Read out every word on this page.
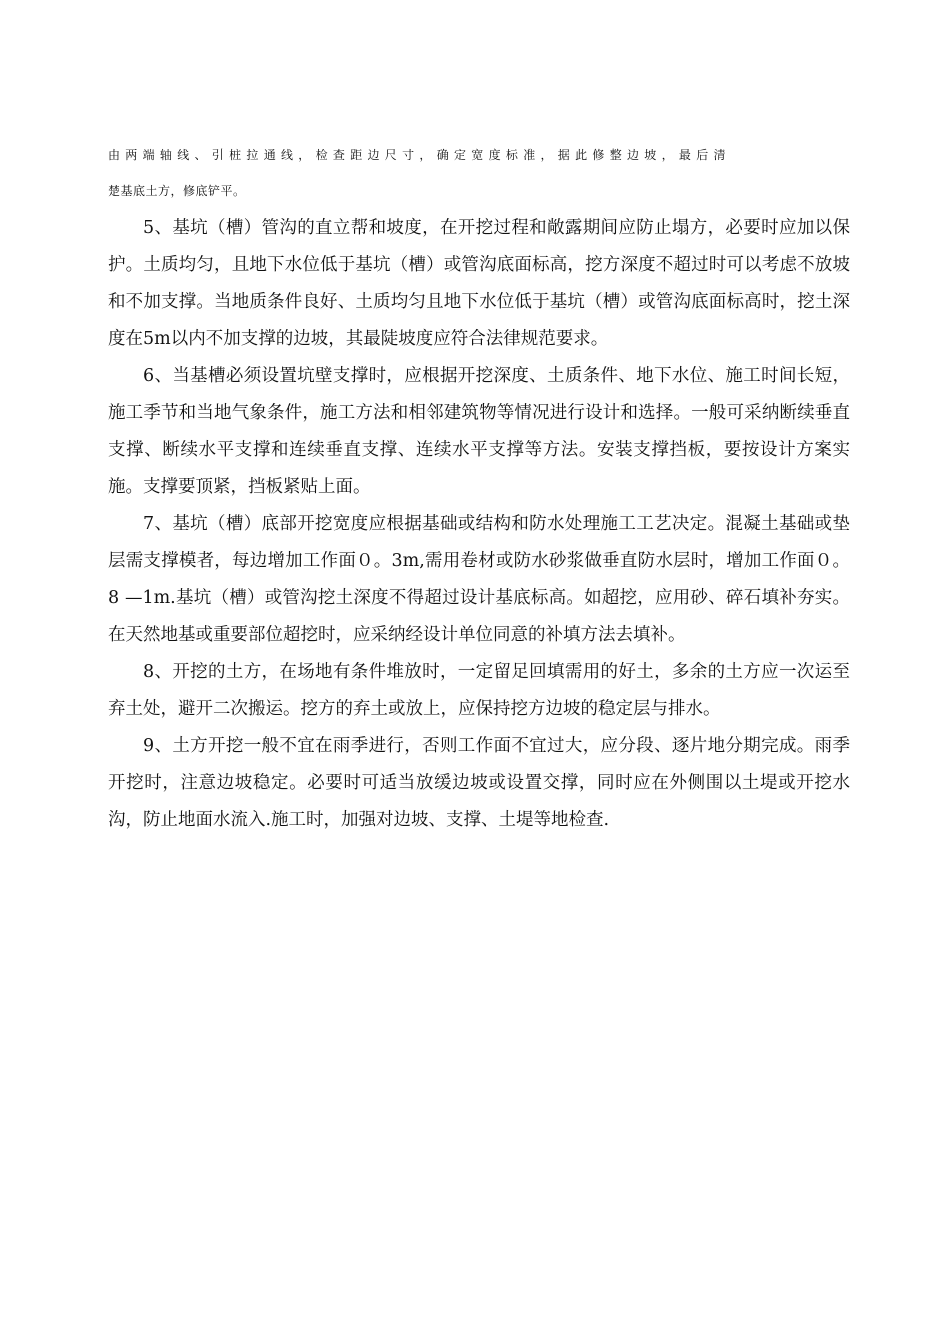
由两端轴线、引桩拉通线，检查距边尺寸，确定宽度标准，据此修整边坡，最后清
楚基底土方，修底铲平。

5、基坑（槽）管沟的直立帮和坡度，在开挖过程和敞露期间应防止塌方，必要时应加以保护。土质均匀，且地下水位低于基坑（槽）或管沟底面标高，挖方深度不超过时可以考虑不放坡和不加支撑。当地质条件良好、土质均匀且地下水位低于基坑（槽）或管沟底面标高时，挖土深度在5m以内不加支撑的边坡，其最陡坡度应符合法律规范要求。

6、当基槽必须设置坑壁支撑时，应根据开挖深度、土质条件、地下水位、施工时间长短，施工季节和当地气象条件，施工方法和相邻建筑物等情况进行设计和选择。一般可采纳断续垂直支撑、断续水平支撑和连续垂直支撑、连续水平支撑等方法。安装支撑挡板，要按设计方案实施。支撑要顶紧，挡板紧贴上面。

7、基坑（槽）底部开挖宽度应根据基础或结构和防水处理施工工艺决定。混凝土基础或垫层需支撑模者，每边增加工作面０。3m,需用卷材或防水砂浆做垂直防水层时，增加工作面０。8 —1m.基坑（槽）或管沟挖土深度不得超过设计基底标高。如超挖，应用砂、碎石填补夯实。在天然地基或重要部位超挖时，应采纳经设计单位同意的补填方法去填补。

8、开挖的土方，在场地有条件堆放时，一定留足回填需用的好土，多余的土方应一次运至弃土处，避开二次搬运。挖方的弃土或放上，应保持挖方边坡的稳定层与排水。

9、土方开挖一般不宜在雨季进行，否则工作面不宜过大，应分段、逐片地分期完成。雨季开挖时，注意边坡稳定。必要时可适当放缓边坡或设置交撑，同时应在外侧围以土堤或开挖水沟，防止地面水流入.施工时，加强对边坡、支撑、土堤等地检查.
